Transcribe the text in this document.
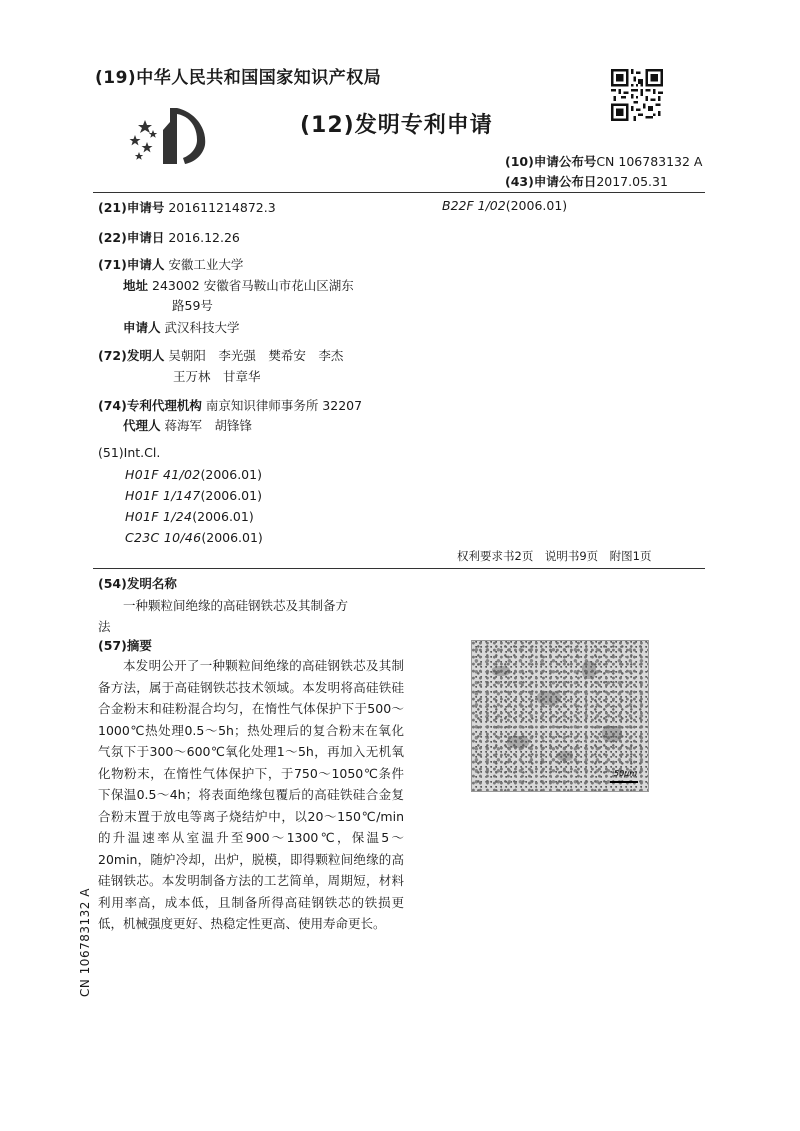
(19)中华人民共和国国家知识产权局
(12)发明专利申请
(10)申请公布号CN 106783132 A
(43)申请公布日2017.05.31
(21)申请号 201611214872.3	B22F 1/02(2006.01)
(22)申请日 2016.12.26
(71)申请人 安徽工业大学
地址 243002 安徽省马鞍山市花山区湖东
路59号
申请人 武汉科技大学
(72)发明人 吴朝阳　李光强　樊希安　李杰
王万林　甘章华
(74)专利代理机构 南京知识律师事务所 32207
代理人 蒋海军　胡锋锋
(51)Int.Cl.
H01F 41/02(2006.01)
H01F 1/147(2006.01)
H01F 1/24(2006.01)
C23C 10/46(2006.01)
权利要求书2页　说明书9页　附图1页
(54)发明名称
一种颗粒间绝缘的高硅钢铁芯及其制备方
法
(57)摘要

本发明公开了一种颗粒间绝缘的高硅钢铁芯及其制备方法，属于高硅钢铁芯技术领域。本发明将高硅铁硅合金粉末和硅粉混合均匀，在惰性气体保护下于500～1000℃热处理0.5～5h；热处理后的复合粉末在氧化气氛下于300～600℃氧化处理1～5h，再加入无机氧化物粉末，在惰性气体保护下，于750～1050℃条件下保温0.5～4h；将表面绝缘包覆后的高硅铁硅合金复合粉末置于放电等离子烧结炉中，以20～150℃/min的升温速率从室温升至900～1300℃，保温5～20min，随炉冷却，出炉，脱模，即得颗粒间绝缘的高硅钢铁芯。本发明制备方法的工艺简单，周期短，材料利用率高，成本低，且制备所得高硅钢铁芯的铁损更低，机械强度更好、热稳定性更高、使用寿命更长。

50μm
CN 106783132 A
